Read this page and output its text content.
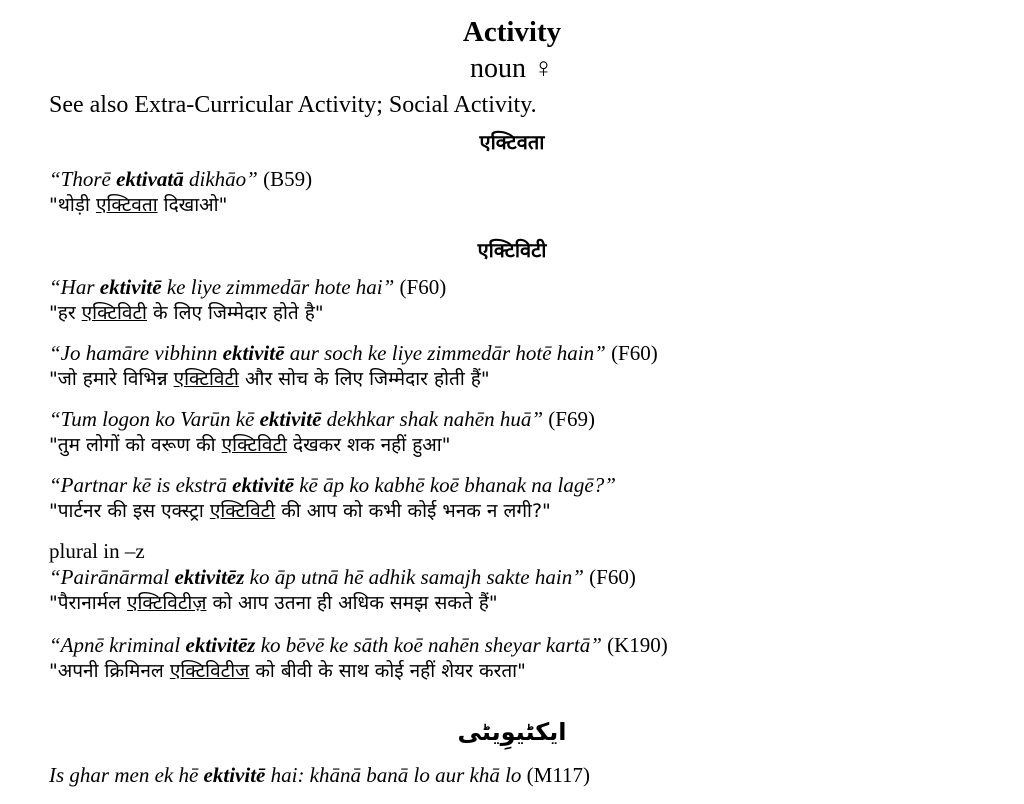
Activity
noun ♀
See also Extra-Curricular Activity; Social Activity.
एक्टिवता
“Thorē ektivatā dikhāo” (B59)
"थोड़ी एक्टिवता दिखाओ"
एक्टिविटी
“Har ektivitē ke liye zimmedār hote hai” (F60)
"हर एक्टिविटी के लिए जिम्मेदार होते है"
“Jo hamāre vibhinn ektivitē aur soch ke liye zimmedār hotē hain” (F60)
"जो हमारे विभिन्न एक्टिविटी और सोच के लिए जिम्मेदार होती हैं"
“Tum logon ko Varūn kē ektivitē dekhkar shak nahēn huā” (F69)
"तुम लोगों को वरूण की एक्टिविटी देखकर शक नहीं हुआ"
“Partnar kē is ekstrā ektivitē kē āp ko kabhē koē bhanak na lagē?”
"पार्टनर की इस एक्स्ट्रा एक्टिविटी की आप को कभी कोई भनक न लगी?"
plural in –z
“Pairānārmal ektivitēz ko āp utnā hē adhik samajh sakte hain” (F60)
"पैरानार्मल एक्टिविटीज़ को आप उतना ही अधिक समझ सकते हैं"
“Apnē kriminal ektivitēz ko bēvē ke sāth koē nahēn sheyar kartā” (K190)
"अपनी क्रिमिनल एक्टिविटीज को बीवी के साथ कोई नहीं शेयर करता"
ایکٹیوِیٹی
Is ghar men ek hē ektivitē hai: khānā banā lo aur khā lo (M117)
